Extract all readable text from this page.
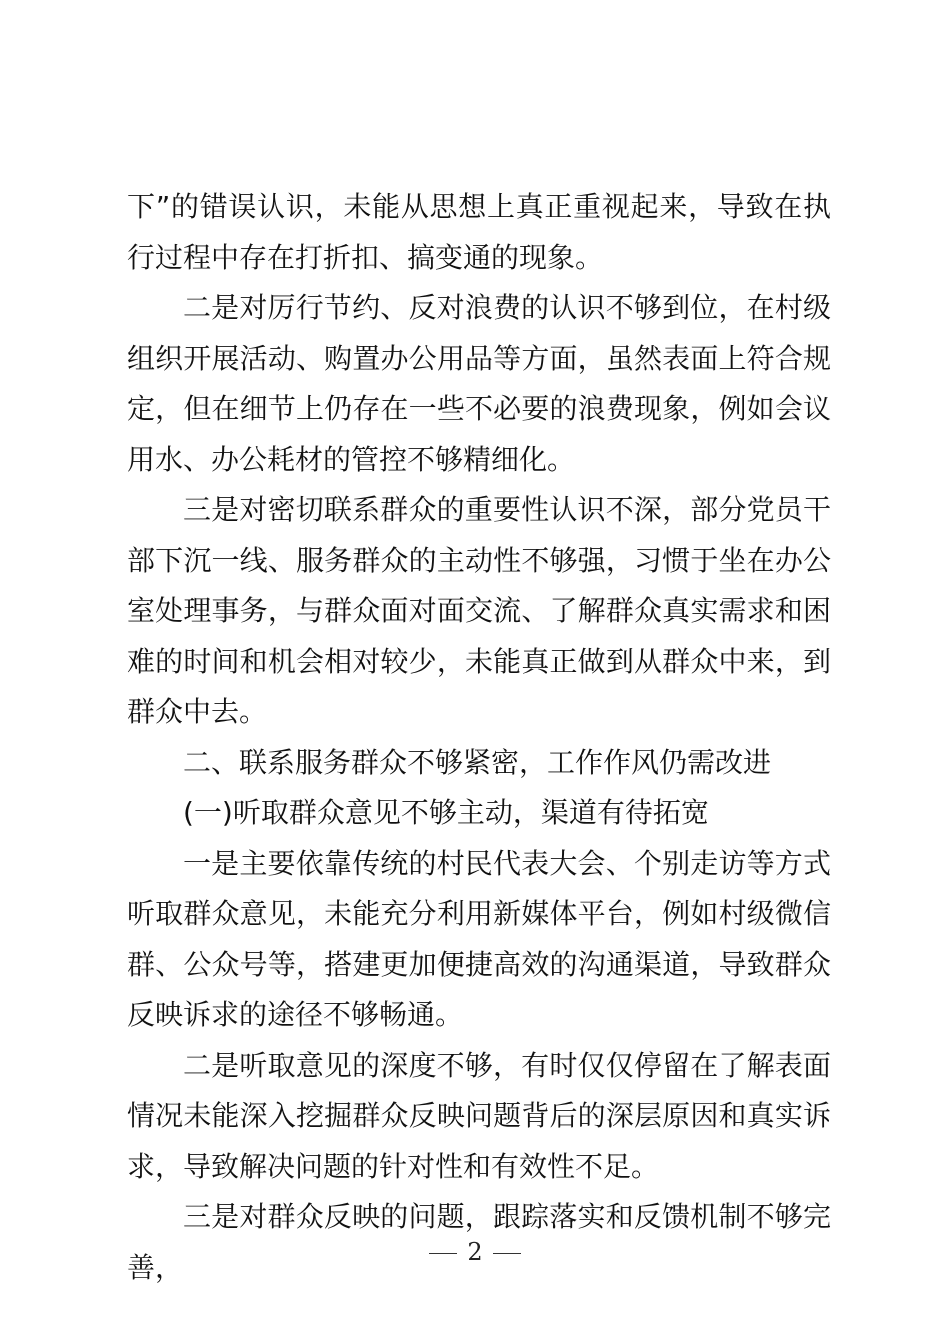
下”的错误认识，未能从思想上真正重视起来，导致在执行过程中存在打折扣、搞变通的现象。

二是对厉行节约、反对浪费的认识不够到位，在村级组织开展活动、购置办公用品等方面，虽然表面上符合规定，但在细节上仍存在一些不必要的浪费现象，例如会议用水、办公耗材的管控不够精细化。

三是对密切联系群众的重要性认识不深，部分党员干部下沉一线、服务群众的主动性不够强，习惯于坐在办公室处理事务，与群众面对面交流、了解群众真实需求和困难的时间和机会相对较少，未能真正做到从群众中来，到群众中去。

二、联系服务群众不够紧密，工作作风仍需改进

(一)听取群众意见不够主动，渠道有待拓宽

一是主要依靠传统的村民代表大会、个别走访等方式听取群众意见，未能充分利用新媒体平台，例如村级微信群、公众号等，搭建更加便捷高效的沟通渠道，导致群众反映诉求的途径不够畅通。

二是听取意见的深度不够，有时仅仅停留在了解表面情况未能深入挖掘群众反映问题背后的深层原因和真实诉求，导致解决问题的针对性和有效性不足。

三是对群众反映的问题，跟踪落实和反馈机制不够完善，	2
